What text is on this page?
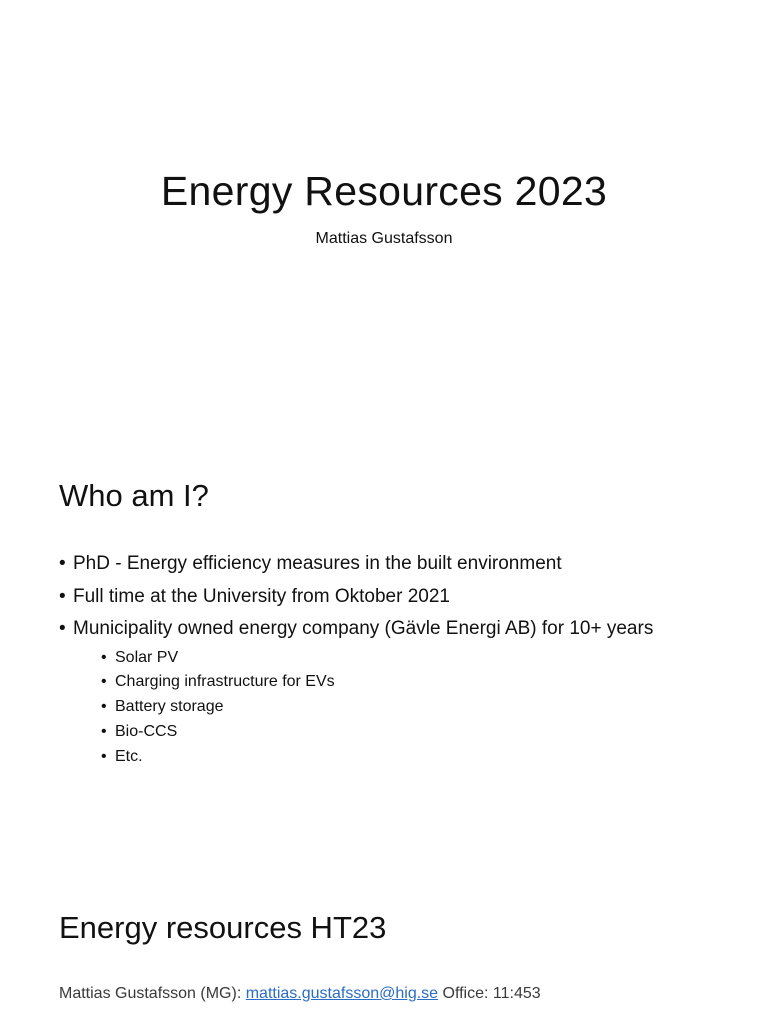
Energy Resources 2023
Mattias Gustafsson
Who am I?
• PhD - Energy efficiency measures in the built environment
• Full time at the University from Oktober 2021
• Municipality owned energy company (Gävle Energi AB) for 10+ years
• Solar PV
• Charging infrastructure for EVs
• Battery storage
• Bio-CCS
• Etc.
Energy resources HT23
Mattias Gustafsson (MG): mattias.gustafsson@hig.se Office: 11:453
